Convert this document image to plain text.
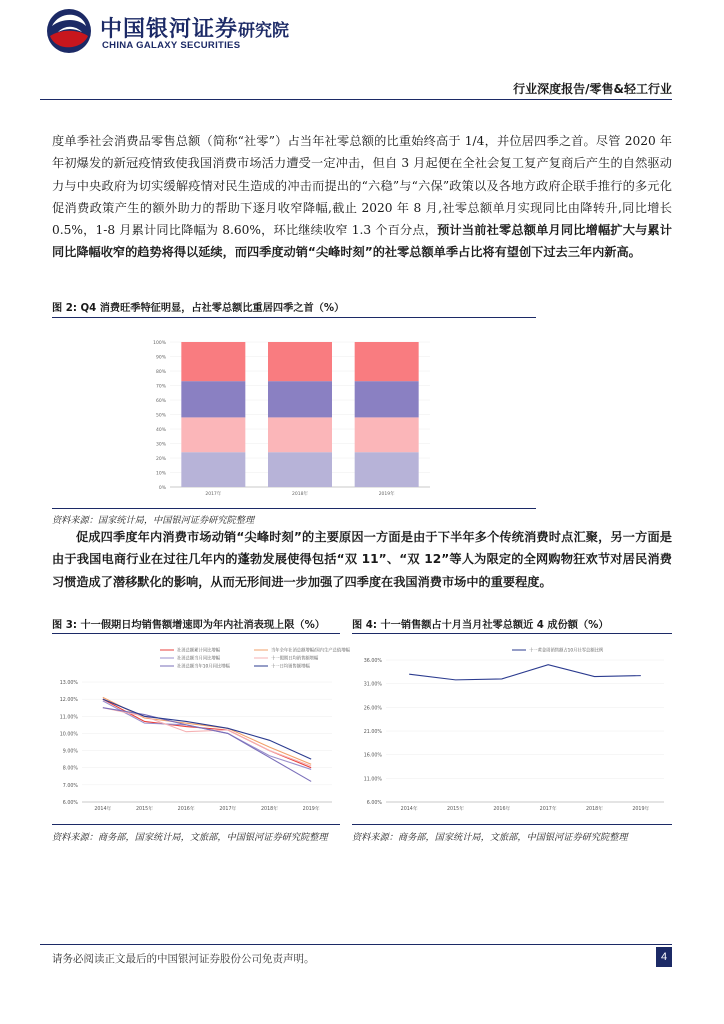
中国银河证券
CHINA GALAXY SECURITIES
研究院
行业深度报告/零售&轻工行业
度单季社会消费品零售总额（简称“社零”）占当年社零总额的比重始终高于 1/4，并位居四季之首。尽管 2020 年年初爆发的新冠疫情致使我国消费市场活力遭受一定冲击，但自 3 月起便在全社会复工复产复商后产生的自然驱动力与中央政府为切实缓解疫情对民生造成的冲击而提出的“六稳”与“六保”政策以及各地方政府企联手推行的多元化促消费政策产生的额外助力的帮助下逐月收窄降幅,截止 2020 年 8 月,社零总额单月实现同比由降转升,同比增长 0.5%，1-8 月累计同比降幅为 8.60%，环比继续收窄 1.3 个百分点，预计当前社零总额单月同比增幅扩大与累计同比降幅收窄的趋势将得以延续，而四季度动销“尖峰时刻”的社零总额单季占比将有望创下过去三年内新高。
图 2: Q4 消费旺季特征明显，占社零总额比重居四季之首（%）
0%
10%
20%
30%
40%
50%
60%
70%
80%
90%
100%
2017年	2018年	2019年
资料来源：国家统计局，中国银河证券研究院整理
促成四季度年内消费市场动销“尖峰时刻”的主要原因一方面是由于下半年多个传统消费时点汇聚，另一方面是由于我国电商行业在过往几年内的蓬勃发展使得包括“双 11”、“双 12”等人为限定的全网购物狂欢节对居民消费习惯造成了潜移默化的影响，从而无形间进一步加强了四季度在我国消费市场中的重要程度。
图 3: 十一假期日均销售额增速即为年内社消表现上限（%）
6.00%
7.00%
8.00%
9.00%
10.00%
11.00%
12.00%
13.00%
2014年	2015年	2016年	2017年	2018年	2019年
社消总额累计同比增幅	当年全年社消总额增幅/国内生产总值增幅
社消总额当月同比增幅	十一假期日均销售额增幅
社消总额当年10月同比增幅	十一日均销售额增幅
资料来源：商务部，国家统计局，文旅部，中国银河证券研究院整理
图 4: 十一销售额占十月当月社零总额近 4 成份额（%）
6.00%
11.00%
16.00%
21.00%
26.00%
31.00%
36.00%
2014年	2015年	2016年	2017年	2018年	2019年
十一黄金周销售额占10月社零总额比例
资料来源：商务部，国家统计局，文旅部，中国银河证券研究院整理
请务必阅读正文最后的中国银河证券股份公司免责声明。	4
